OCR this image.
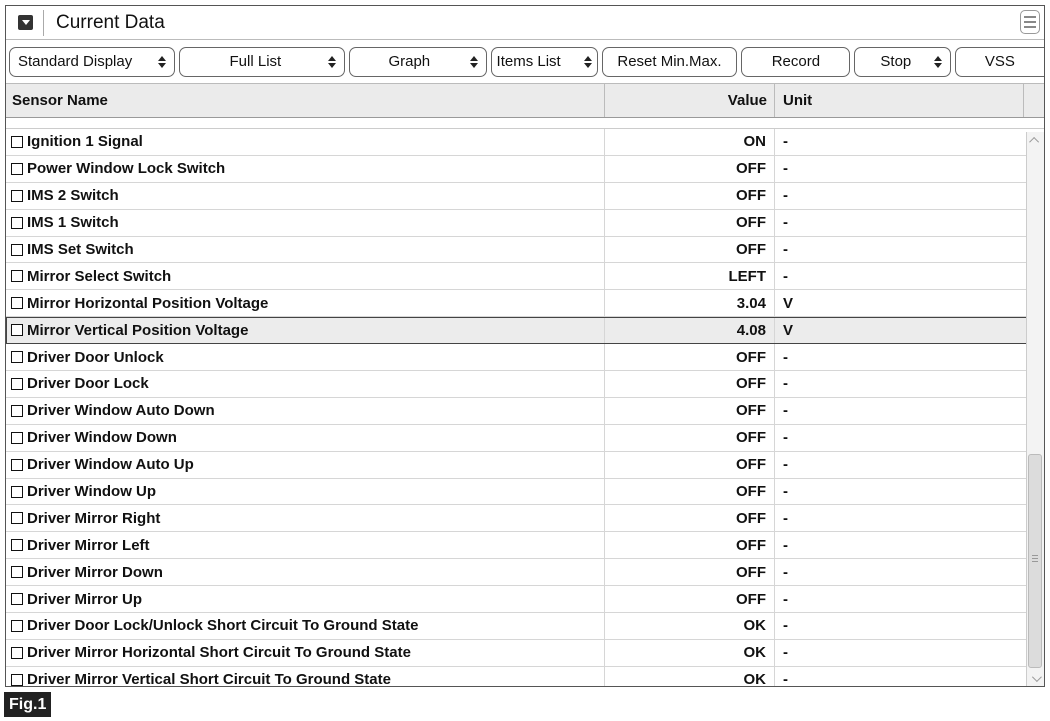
Current Data
Standard Display	Full List	Graph	Items List	Reset Min.Max.	Record	Stop	VSS
Sensor Name	Value	Unit
Ignition 1 Signal	ON	-
Power Window Lock Switch	OFF	-
IMS 2 Switch	OFF	-
IMS 1 Switch	OFF	-
IMS Set Switch	OFF	-
Mirror Select Switch	LEFT	-
Mirror Horizontal Position Voltage	3.04	V
Mirror Vertical Position Voltage	4.08	V
Driver Door Unlock	OFF	-
Driver Door Lock	OFF	-
Driver Window Auto Down	OFF	-
Driver Window Down	OFF	-
Driver Window Auto Up	OFF	-
Driver Window Up	OFF	-
Driver Mirror Right	OFF	-
Driver Mirror Left	OFF	-
Driver Mirror Down	OFF	-
Driver Mirror Up	OFF	-
Driver Door Lock/Unlock Short Circuit To Ground State	OK	-
Driver Mirror Horizontal Short Circuit To Ground State	OK	-
Driver Mirror Vertical Short Circuit To Ground State	OK	-
Fig.1
